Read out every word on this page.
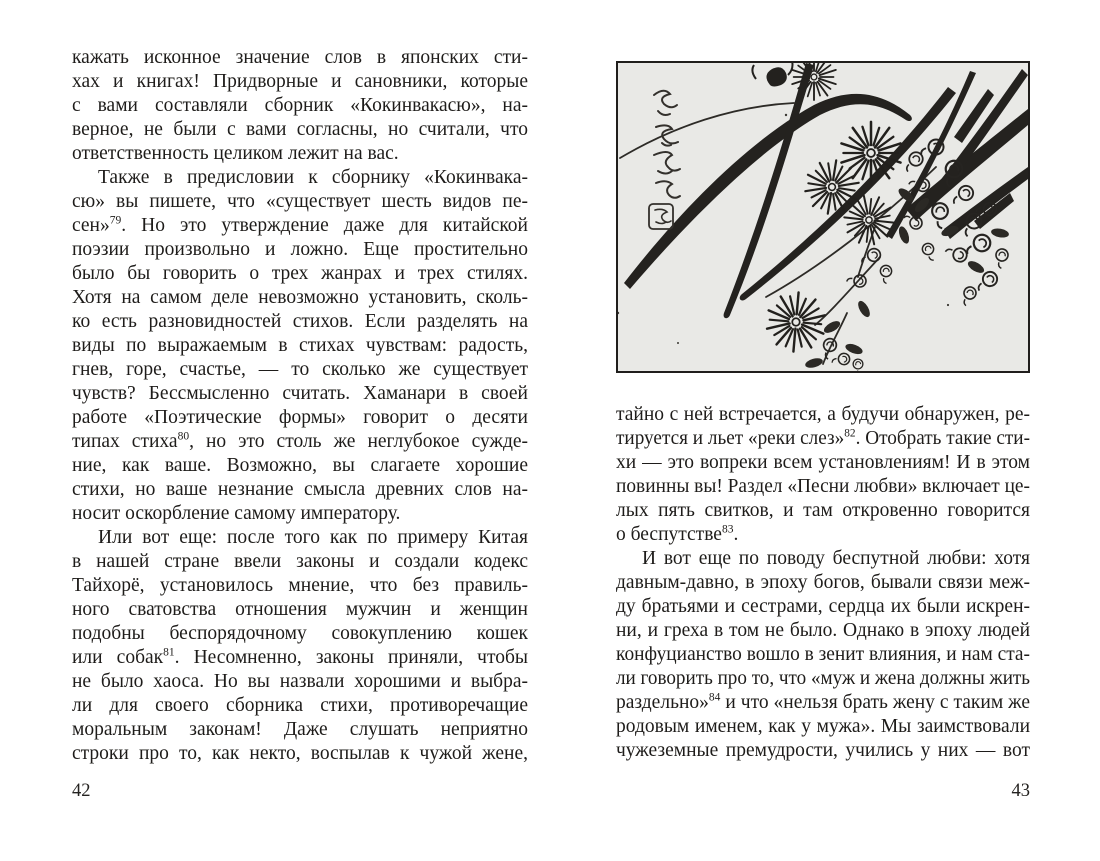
кажать исконное значение слов в японских сти-
хах и книгах! Придворные и сановники, которые
с вами составляли сборник «Кокинвакасю», на-
верное, не были с вами согласны, но считали, что
ответственность целиком лежит на вас.
Также в предисловии к сборнику «Кокинвака-
сю» вы пишете, что «существует шесть видов пе-
сен»$^{79}$. Но это утверждение даже для китайской
поэзии произвольно и ложно. Еще простительно
было бы говорить о трех жанрах и трех стилях.
Хотя на самом деле невозможно установить, сколь-
ко есть разновидностей стихов. Если разделять на
виды по выражаемым в стихах чувствам: радость,
гнев, горе, счастье, — то сколько же существует
чувств? Бессмысленно считать. Хаманари в своей
работе «Поэтические формы» говорит о десяти
типах стиха$^{80}$, но это столь же неглубокое сужде-
ние, как ваше. Возможно, вы слагаете хорошие
стихи, но ваше незнание смысла древних слов на-
носит оскорбление самому императору.
Или вот еще: после того как по примеру Китая
в нашей стране ввели законы и создали кодекс
Тайхорё, установилось мнение, что без правиль-
ного сватовства отношения мужчин и женщин
подобны беспорядочному совокуплению кошек
или собак$^{81}$. Несомненно, законы приняли, чтобы
не было хаоса. Но вы назвали хорошими и выбра-
ли для своего сборника стихи, противоречащие
моральным законам! Даже слушать неприятно
строки про то, как некто, воспылав к чужой жене,
42
тайно с ней встречается, а будучи обнаружен, ре-
тируется и льет «реки слез»$^{82}$. Отобрать такие сти-
хи — это вопреки всем установлениям! И в этом
повинны вы! Раздел «Песни любви» включает це-
лых пять свитков, и там откровенно говорится
о беспутстве$^{83}$.
И вот еще по поводу беспутной любви: хотя
давным-давно, в эпоху богов, бывали связи меж-
ду братьями и сестрами, сердца их были искрен-
ни, и греха в том не было. Однако в эпоху людей
конфуцианство вошло в зенит влияния, и нам ста-
ли говорить про то, что «муж и жена должны жить
раздельно»$^{84}$ и что «нельзя брать жену с таким же
родовым именем, как у мужа». Мы заимствовали
чужеземные премудрости, учились у них — вот
43
